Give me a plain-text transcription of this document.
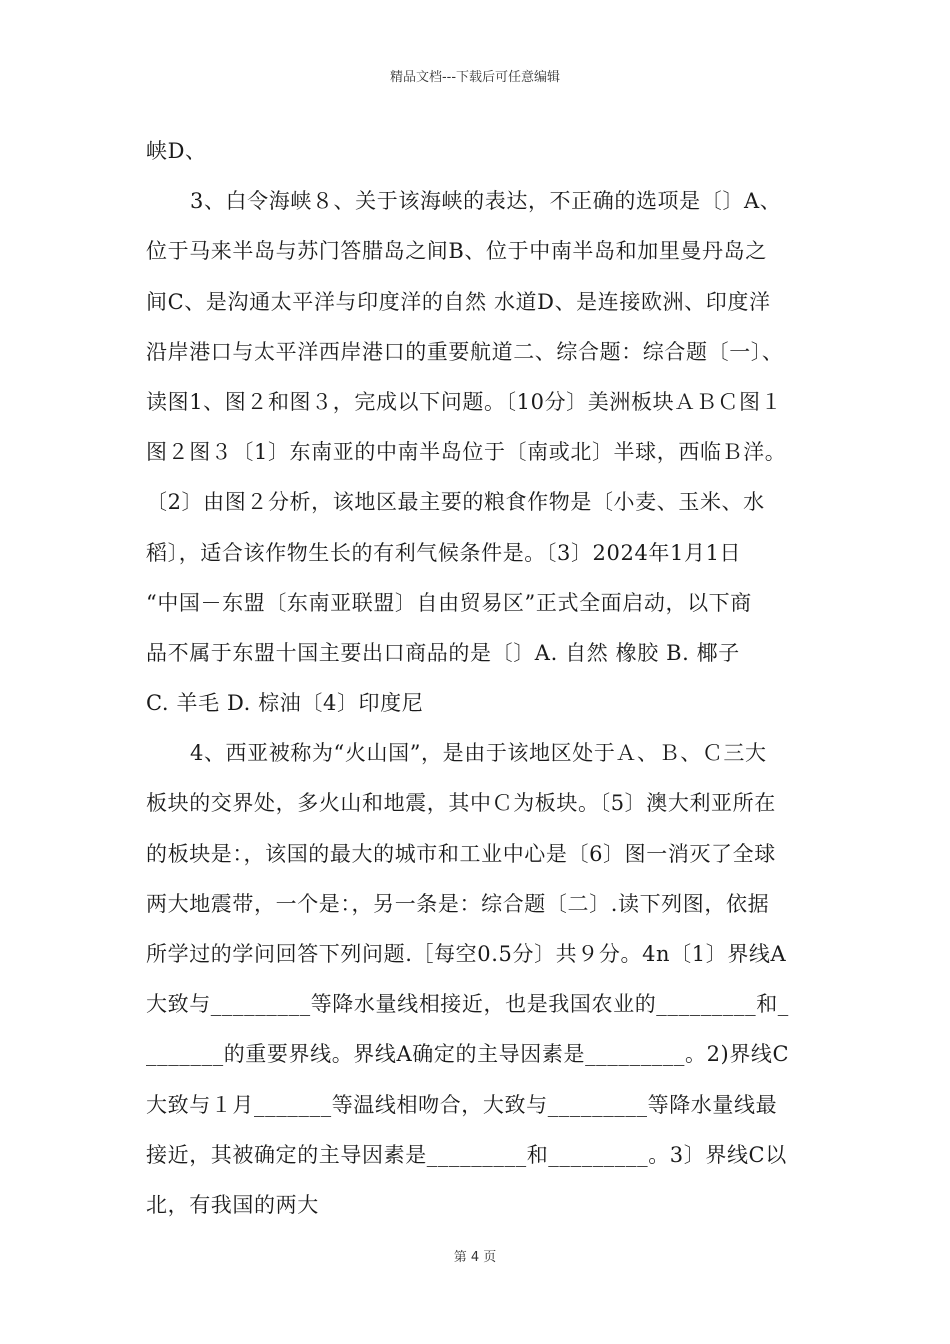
精品文档---下载后可任意编辑
峡D、
3、白令海峡８、关于该海峡的表达，不正确的选项是〔〕A、
位于马来半岛与苏门答腊岛之间B、位于中南半岛和加里曼丹岛之
间C、是沟通太平洋与印度洋的自然 水道D、是连接欧洲、印度洋
沿岸港口与太平洋西岸港口的重要航道二、综合题：综合题〔一〕、
读图1、图２和图３，完成以下问题。〔10分〕美洲板块ＡＢＣ图１
图２图３〔1〕东南亚的中南半岛位于〔南或北〕半球，西临Ｂ洋。
〔2〕由图２分析，该地区最主要的粮食作物是〔小麦、玉米、水
稻〕，适合该作物生长的有利气候条件是。〔3〕2024年1月1日
“中国－东盟〔东南亚联盟〕自由贸易区”正式全面启动，以下商
品不属于东盟十国主要出口商品的是〔〕A. 自然 橡胶 B. 椰子
C. 羊毛 D. 棕油〔4〕印度尼
4、西亚被称为“火山国”，是由于该地区处于Ａ、Ｂ、Ｃ三大
板块的交界处，多火山和地震，其中Ｃ为板块。〔5〕澳大利亚所在
的板块是：，该国的最大的城市和工业中心是〔6〕图一消灭了全球
两大地震带，一个是：，另一条是：综合题〔二〕.读下列图，依据
所学过的学问回答下列问题.［每空0.5分〕共９分。4n〔1〕界线A
大致与_________等降水量线相接近，也是我国农业的_________和_
_______的重要界线。界线A确定的主导因素是_________。2)界线C
大致与１月_______等温线相吻合，大致与_________等降水量线最
接近，其被确定的主导因素是_________和_________。3〕界线C以
北，有我国的两大
第 4 页
